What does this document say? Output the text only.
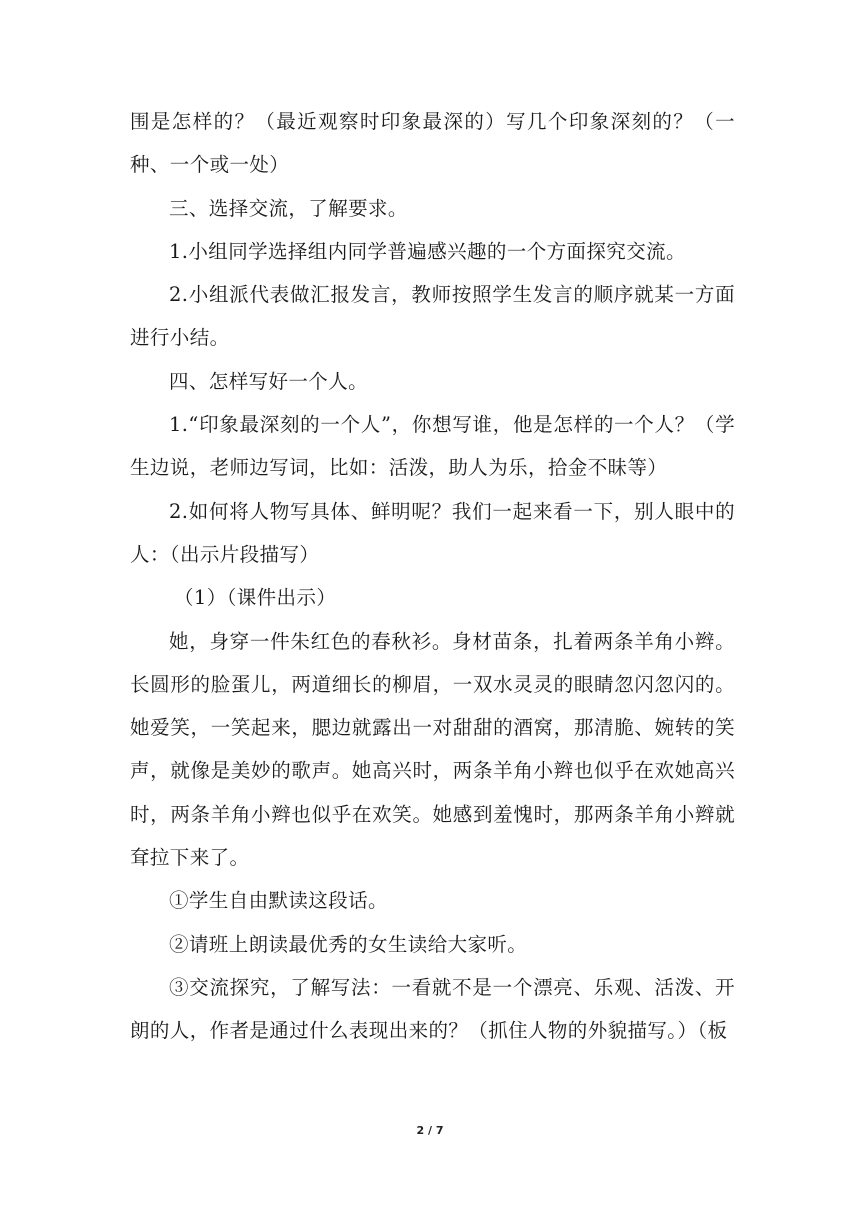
围是怎样的？（最近观察时印象最深的）写几个印象深刻的？（一种、一个或一处）

三、选择交流，了解要求。

1.小组同学选择组内同学普遍感兴趣的一个方面探究交流。

2.小组派代表做汇报发言，教师按照学生发言的顺序就某一方面进行小结。

四、怎样写好一个人。

1.“印象最深刻的一个人”，你想写谁，他是怎样的一个人？（学生边说，老师边写词，比如：活泼，助人为乐，拾金不昧等）

2.如何将人物写具体、鲜明呢？我们一起来看一下，别人眼中的人：（出示片段描写）

（1）（课件出示）

她，身穿一件朱红色的春秋衫。身材苗条，扎着两条羊角小辫。长圆形的脸蛋儿，两道细长的柳眉，一双水灵灵的眼睛忽闪忽闪的。她爱笑，一笑起来，腮边就露出一对甜甜的酒窝，那清脆、婉转的笑声，就像是美妙的歌声。她高兴时，两条羊角小辫也似乎在欢她高兴时，两条羊角小辫也似乎在欢笑。她感到羞愧时，那两条羊角小辫就耷拉下来了。

①学生自由默读这段话。

②请班上朗读最优秀的女生读给大家听。

③交流探究，了解写法：一看就不是一个漂亮、乐观、活泼、开朗的人，作者是通过什么表现出来的？（抓住人物的外貌描写。）（板

2 / 7
